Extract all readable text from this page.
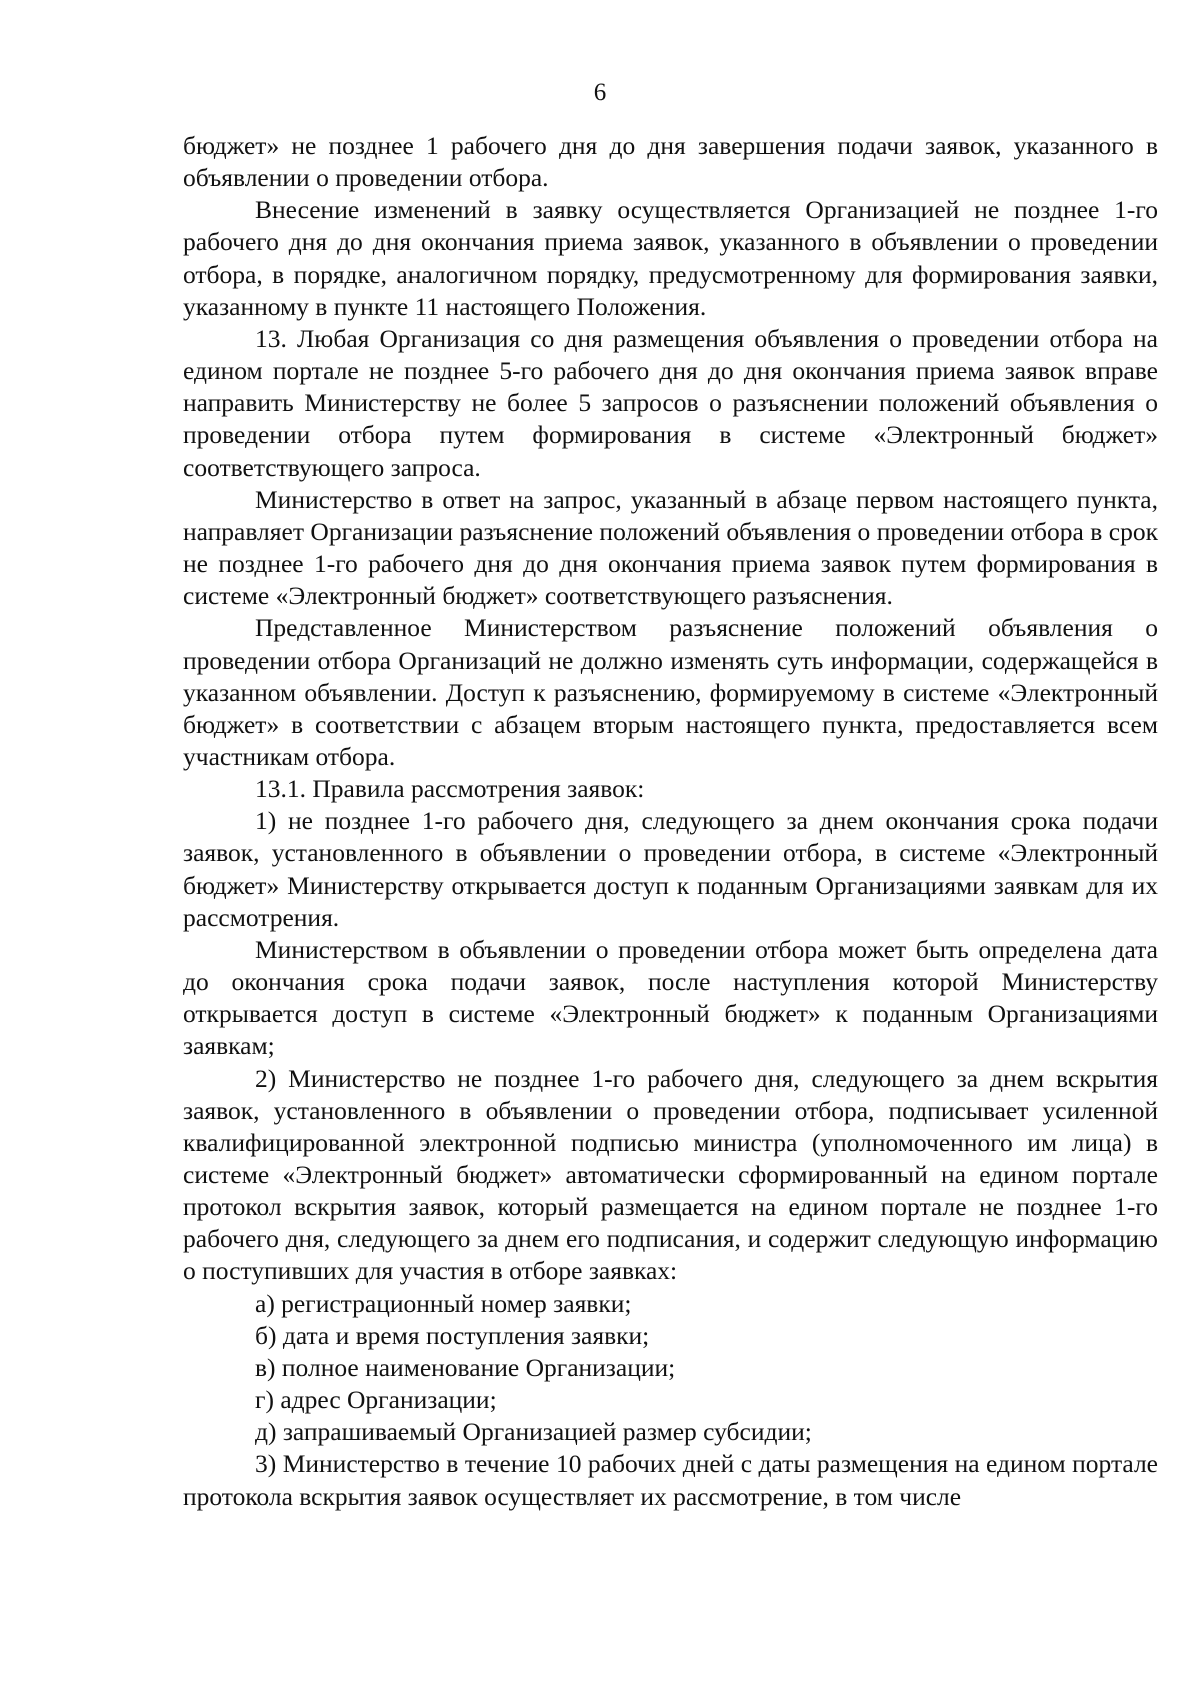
6

бюджет» не позднее 1 рабочего дня до дня завершения подачи заявок, указанного в объявлении о проведении отбора.

Внесение изменений в заявку осуществляется Организацией не позднее 1-го рабочего дня до дня окончания приема заявок, указанного в объявлении о проведении отбора, в порядке, аналогичном порядку, предусмотренному для формирования заявки, указанному в пункте 11 настоящего Положения.

13. Любая Организация со дня размещения объявления о проведении отбора на едином портале не позднее 5-го рабочего дня до дня окончания приема заявок вправе направить Министерству не более 5 запросов о разъяснении положений объявления о проведении отбора путем формирования в системе «Электронный бюджет» соответствующего запроса.

Министерство в ответ на запрос, указанный в абзаце первом настоящего пункта, направляет Организации разъяснение положений объявления о проведении отбора в срок не позднее 1-го рабочего дня до дня окончания приема заявок путем формирования в системе «Электронный бюджет» соответствующего разъяснения.

Представленное Министерством разъяснение положений объявления о проведении отбора Организаций не должно изменять суть информации, содержащейся в указанном объявлении. Доступ к разъяснению, формируемому в системе «Электронный бюджет» в соответствии с абзацем вторым настоящего пункта, предоставляется всем участникам отбора.

13.1. Правила рассмотрения заявок:

1) не позднее 1-го рабочего дня, следующего за днем окончания срока подачи заявок, установленного в объявлении о проведении отбора, в системе «Электронный бюджет» Министерству открывается доступ к поданным Организациями заявкам для их рассмотрения.

Министерством в объявлении о проведении отбора может быть определена дата до окончания срока подачи заявок, после наступления которой Министерству открывается доступ в системе «Электронный бюджет» к поданным Организациями заявкам;

2) Министерство не позднее 1-го рабочего дня, следующего за днем вскрытия заявок, установленного в объявлении о проведении отбора, подписывает усиленной квалифицированной электронной подписью министра (уполномоченного им лица) в системе «Электронный бюджет» автоматически сформированный на едином портале протокол вскрытия заявок, который размещается на едином портале не позднее 1-го рабочего дня, следующего за днем его подписания, и содержит следующую информацию о поступивших для участия в отборе заявках:

а) регистрационный номер заявки;

б) дата и время поступления заявки;

в) полное наименование Организации;

г) адрес Организации;

д) запрашиваемый Организацией размер субсидии;

3) Министерство в течение 10 рабочих дней с даты размещения на едином портале протокола вскрытия заявок осуществляет их рассмотрение, в том числе
